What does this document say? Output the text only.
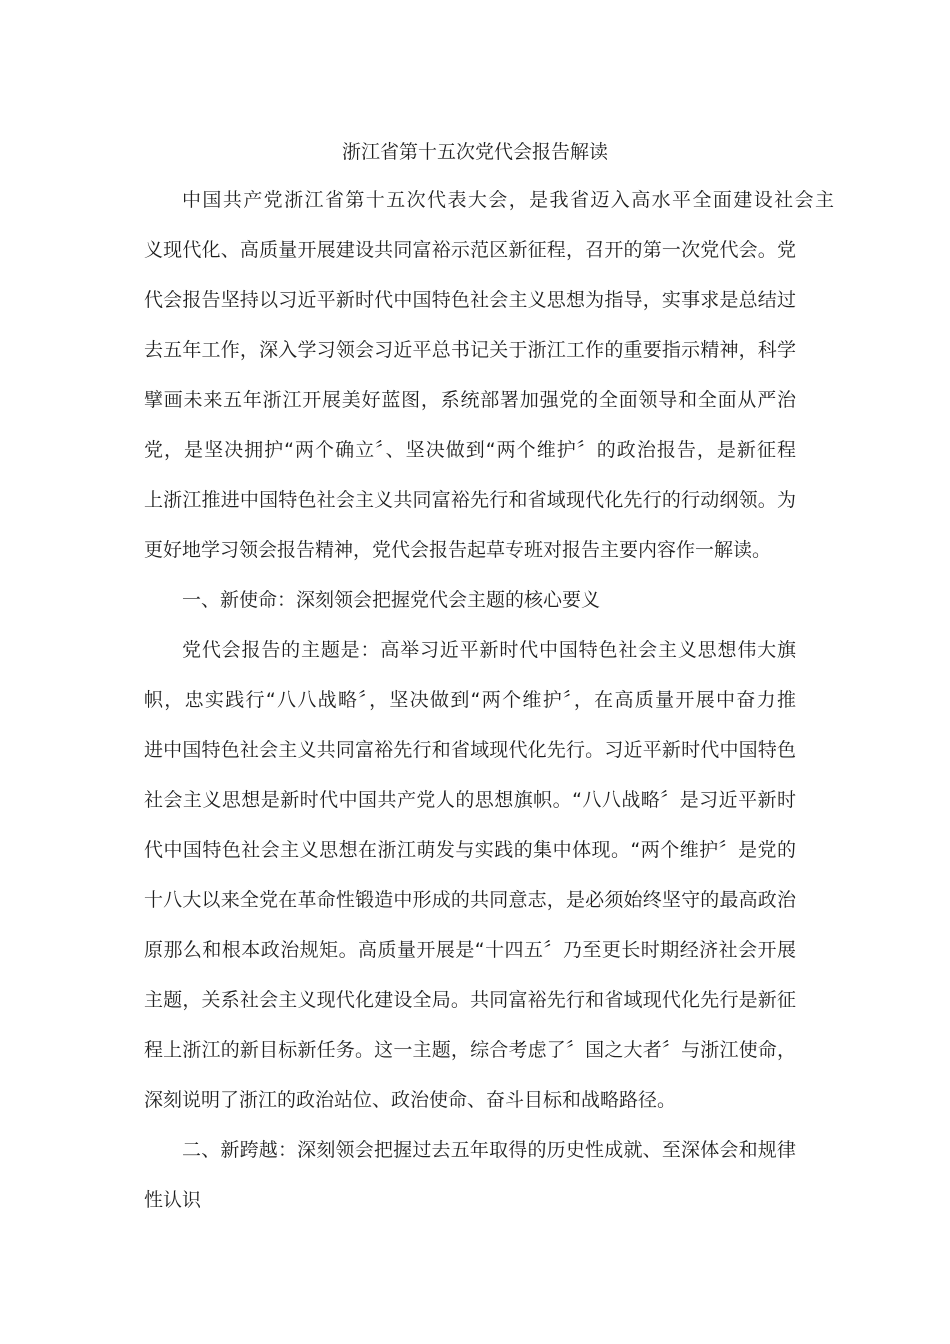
浙江省第十五次党代会报告解读
中国共产党浙江省第十五次代表大会，是我省迈入高水平全面建设社会主
义现代化、高质量开展建设共同富裕示范区新征程，召开的第一次党代会。党
代会报告坚持以习近平新时代中国特色社会主义思想为指导，实事求是总结过
去五年工作，深入学习领会习近平总书记关于浙江工作的重要指示精神，科学
擘画未来五年浙江开展美好蓝图，系统部署加强党的全面领导和全面从严治
党，是坚决拥护“两个确立〞、坚决做到“两个维护〞的政治报告，是新征程
上浙江推进中国特色社会主义共同富裕先行和省域现代化先行的行动纲领。为
更好地学习领会报告精神，党代会报告起草专班对报告主要内容作一解读。
一、新使命：深刻领会把握党代会主题的核心要义
党代会报告的主题是：高举习近平新时代中国特色社会主义思想伟大旗
帜，忠实践行“八八战略〞，坚决做到“两个维护〞，在高质量开展中奋力推
进中国特色社会主义共同富裕先行和省域现代化先行。习近平新时代中国特色
社会主义思想是新时代中国共产党人的思想旗帜。“八八战略〞是习近平新时
代中国特色社会主义思想在浙江萌发与实践的集中体现。“两个维护〞是党的
十八大以来全党在革命性锻造中形成的共同意志，是必须始终坚守的最高政治
原那么和根本政治规矩。高质量开展是“十四五〞乃至更长时期经济社会开展
主题，关系社会主义现代化建设全局。共同富裕先行和省域现代化先行是新征
程上浙江的新目标新任务。这一主题，综合考虑了〞国之大者〞与浙江使命，
深刻说明了浙江的政治站位、政治使命、奋斗目标和战略路径。
二、新跨越：深刻领会把握过去五年取得的历史性成就、至深体会和规律
性认识
